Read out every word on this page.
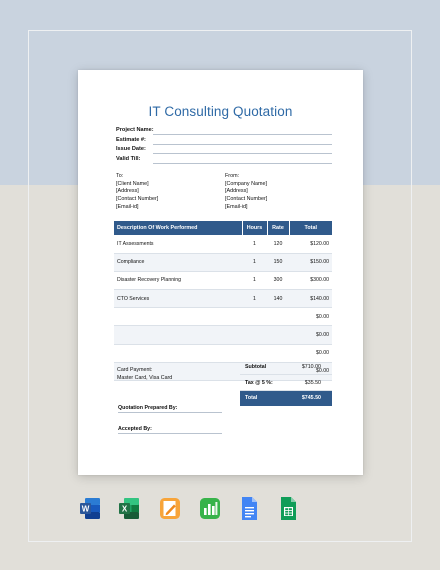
IT Consulting Quotation
Project Name:
Estimate #:
Issue Date:
Valid Till:
To:
[Client Name]
[Address]
[Contact Number]
[Email-id]
From:
[Company Name]
[Address]
[Contact Number]
[Email-id]
Description Of Work Performed	Hours	Rate	Total
IT Assessments	1	120	$120.00
Compliance	1	150	$150.00
Disaster Recovery Planning	1	300	$300.00
CTO Services	1	140	$140.00
			$0.00
			$0.00
			$0.00
			$0.00
Card Payment:
Master Card, Visa Card
Subtotal	$710.00
Tax @ 5 %:	$35.50
Total	$745.50
Quotation Prepared By:
Accepted By:
W	X
